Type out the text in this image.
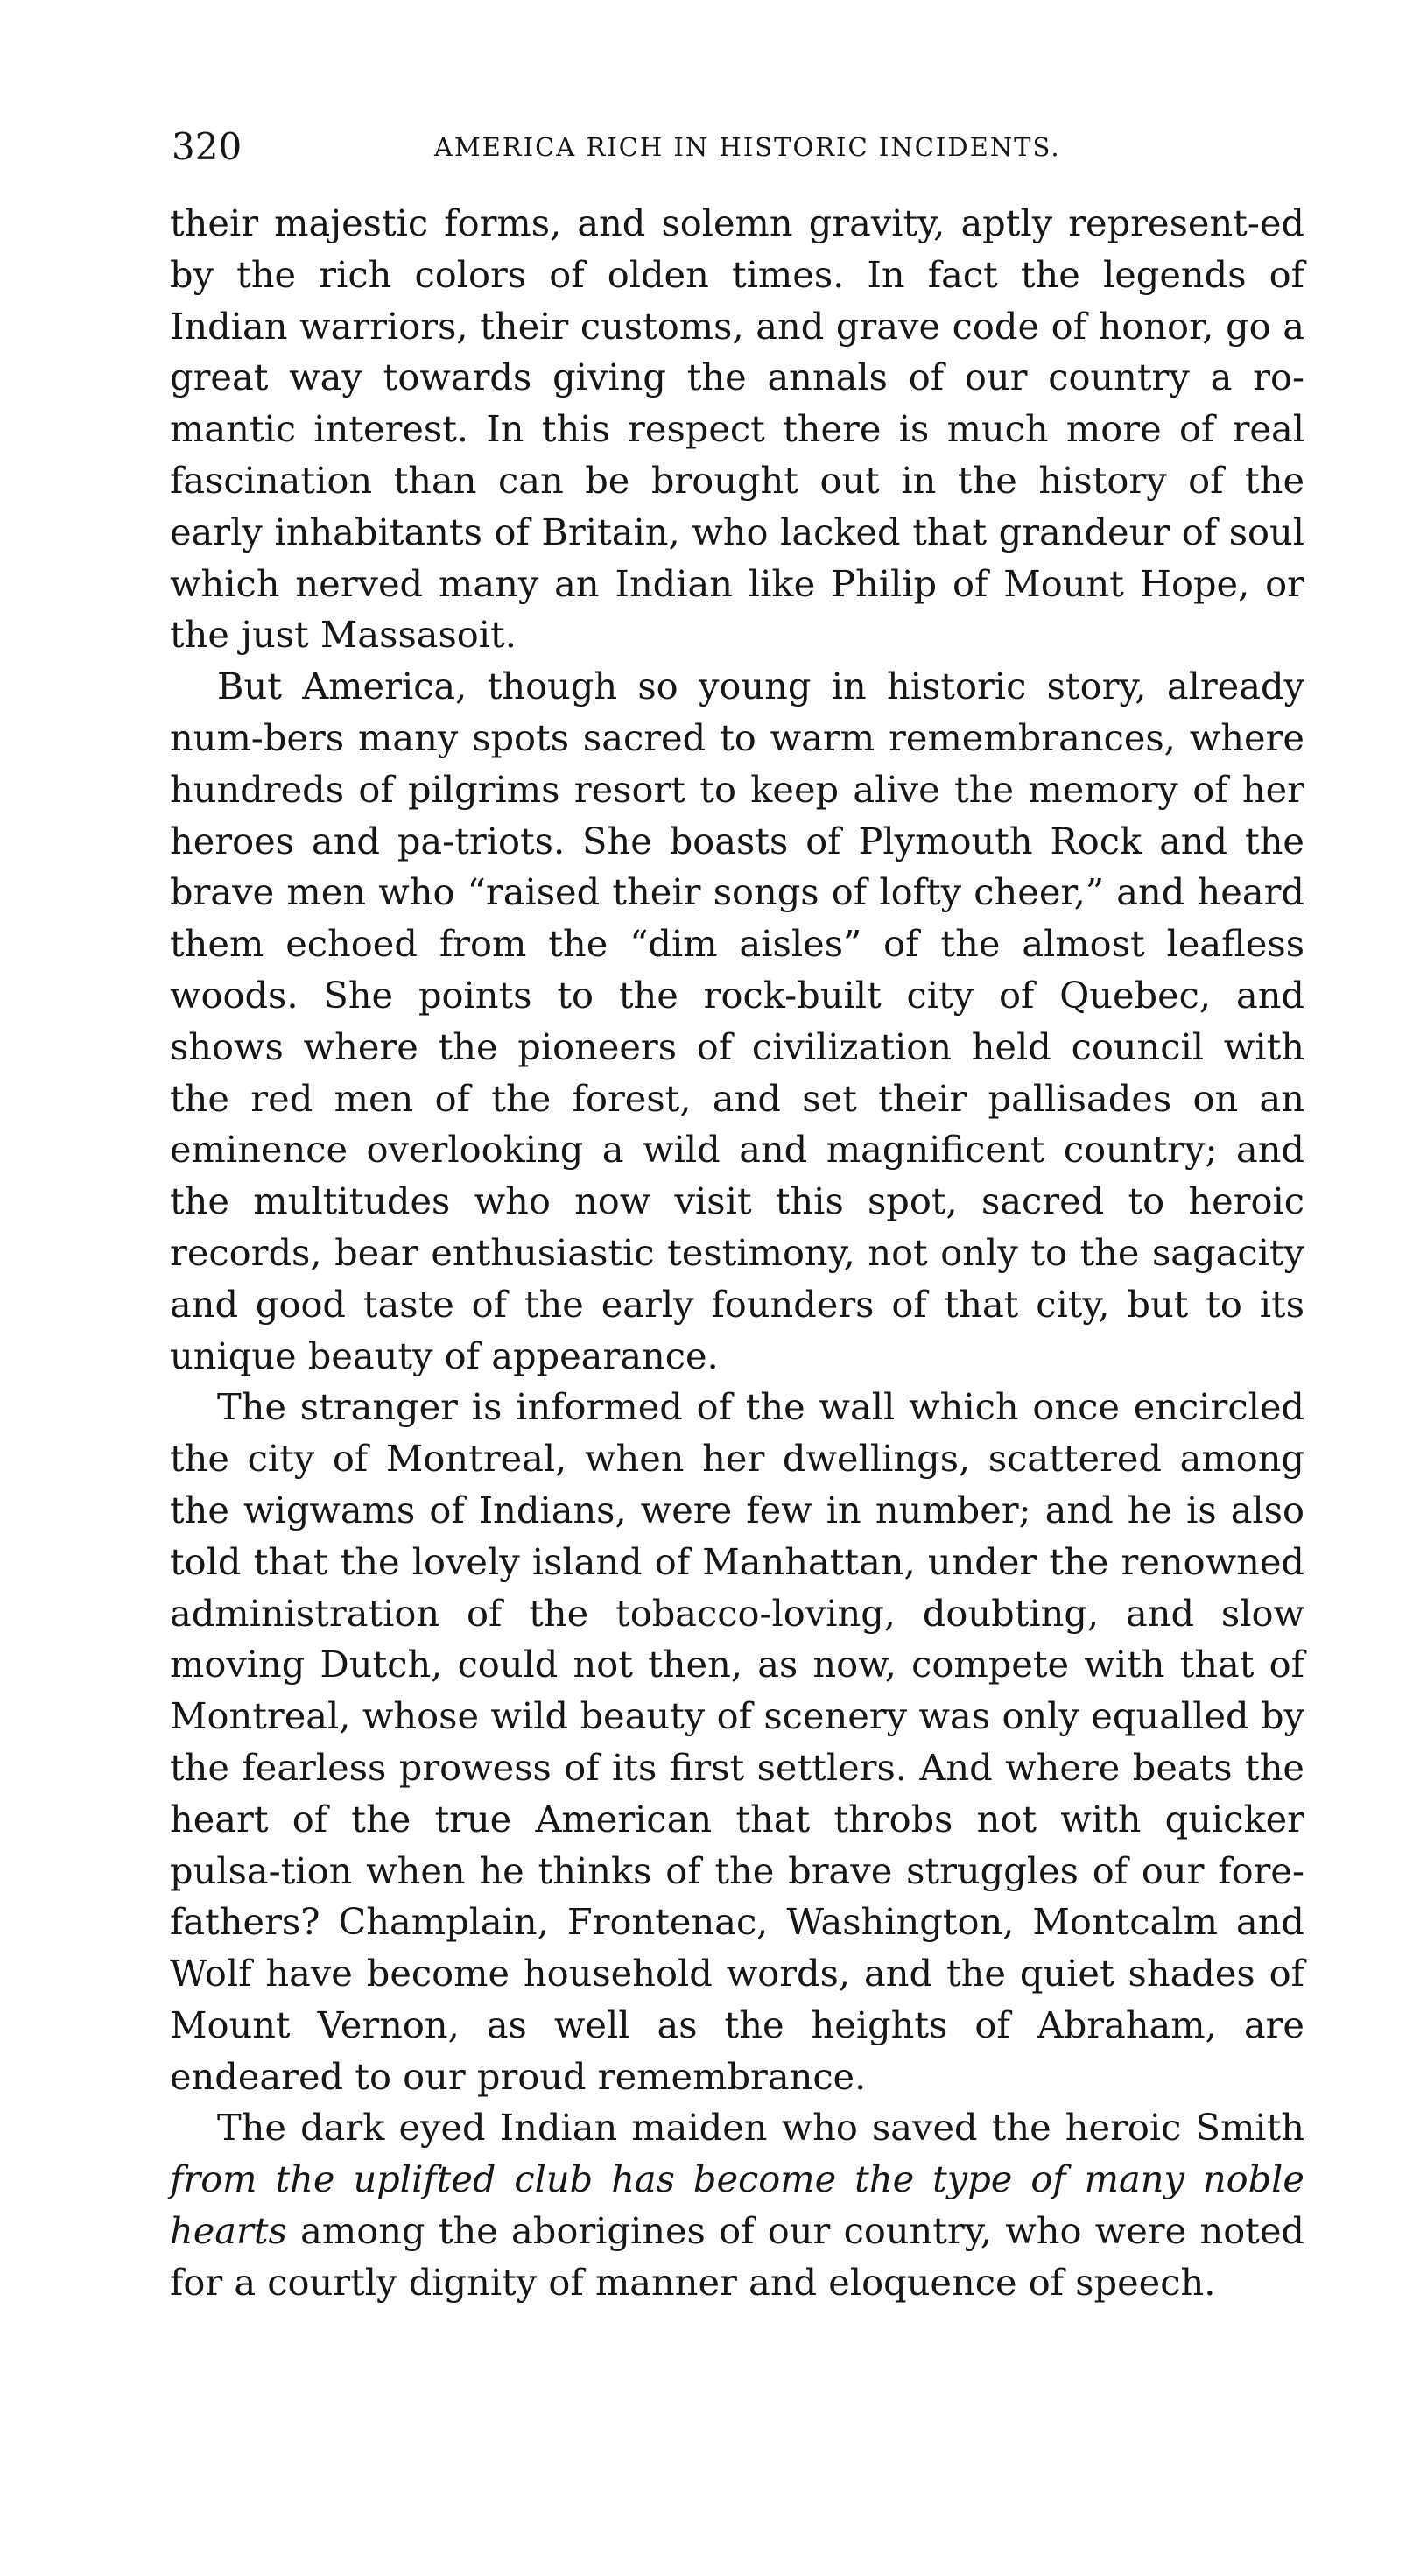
320	AMERICA RICH IN HISTORIC INCIDENTS.

their majestic forms, and solemn gravity, aptly represent-ed by the rich colors of olden times. In fact the legends of Indian warriors, their customs, and grave code of honor, go a great way towards giving the annals of our country a ro-mantic interest. In this respect there is much more of real fascination than can be brought out in the history of the early inhabitants of Britain, who lacked that grandeur of soul which nerved many an Indian like Philip of Mount Hope, or the just Massasoit.

But America, though so young in historic story, already num-bers many spots sacred to warm remembrances, where hundreds of pilgrims resort to keep alive the memory of her heroes and pa-triots. She boasts of Plymouth Rock and the brave men who “raised their songs of lofty cheer,” and heard them echoed from the “dim aisles” of the almost leafless woods. She points to the rock-built city of Quebec, and shows where the pioneers of civilization held council with the red men of the forest, and set their pallisades on an eminence overlooking a wild and magnificent country; and the multitudes who now visit this spot, sacred to heroic records, bear enthusiastic testimony, not only to the sagacity and good taste of the early founders of that city, but to its unique beauty of appearance.

The stranger is informed of the wall which once encircled the city of Montreal, when her dwellings, scattered among the wigwams of Indians, were few in number; and he is also told that the lovely island of Manhattan, under the renowned administration of the tobacco-loving, doubting, and slow moving Dutch, could not then, as now, compete with that of Montreal, whose wild beauty of scenery was only equalled by the fearless prowess of its first settlers. And where beats the heart of the true American that throbs not with quicker pulsa-tion when he thinks of the brave struggles of our fore-fathers? Champlain, Frontenac, Washington, Montcalm and Wolf have become household words, and the quiet shades of Mount Vernon, as well as the heights of Abraham, are endeared to our proud remembrance.

The dark eyed Indian maiden who saved the heroic Smith from the uplifted club has become the type of many noble hearts among the aborigines of our country, who were noted for a courtly dignity of manner and eloquence of speech.
